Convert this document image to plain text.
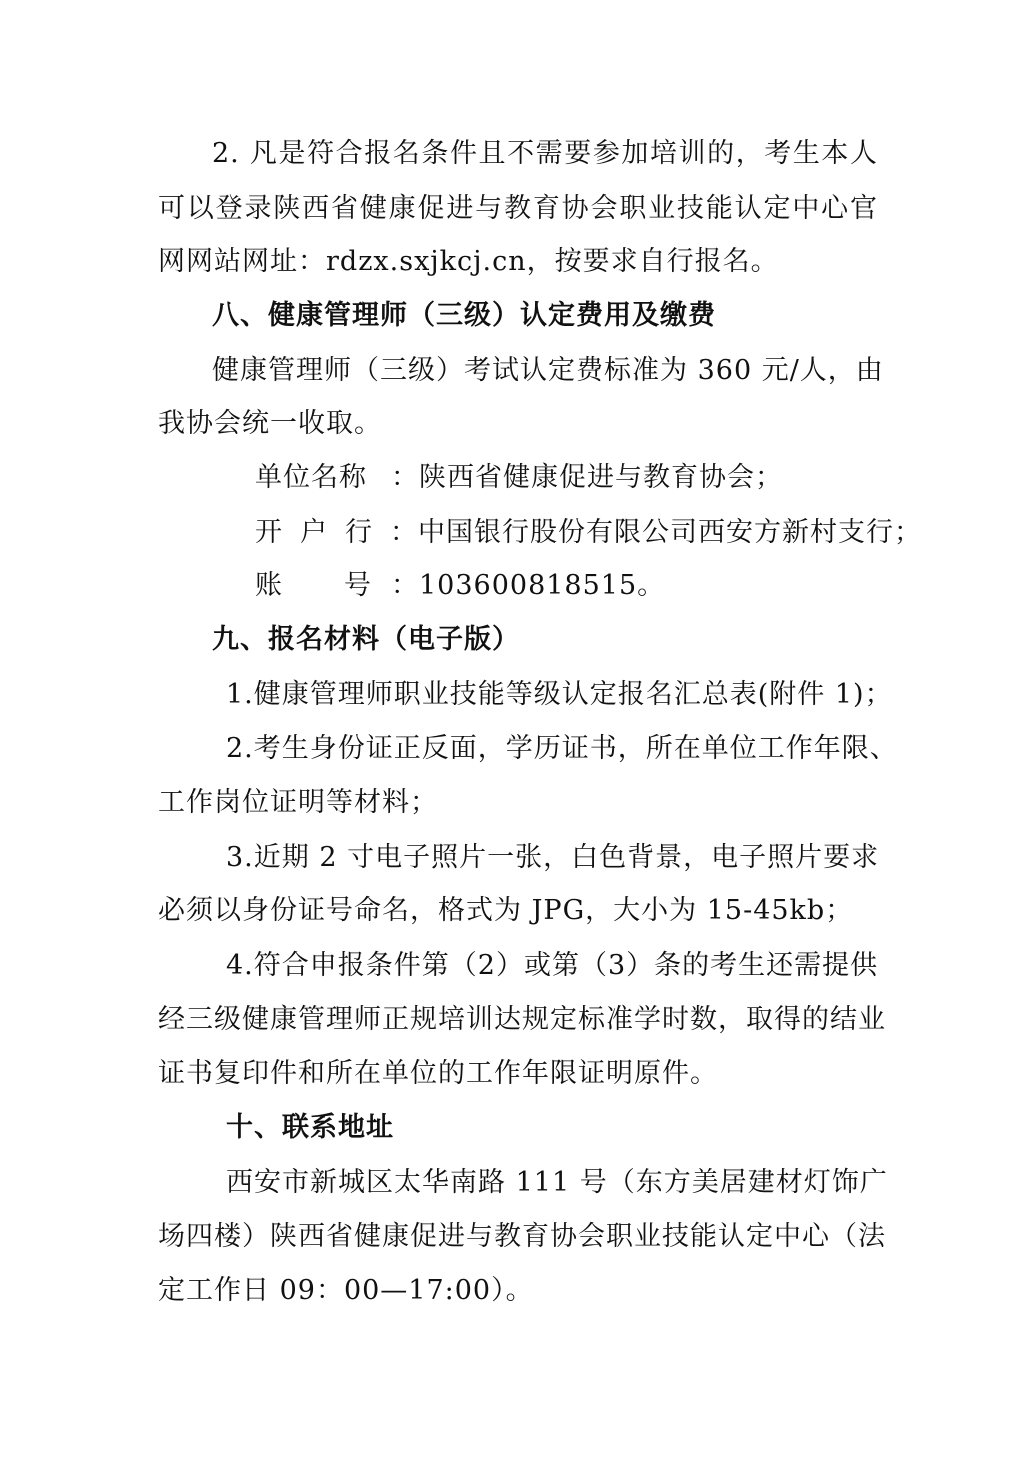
2. 凡是符合报名条件且不需要参加培训的，考生本人
可以登录陕西省健康促进与教育协会职业技能认定中心官
网网站网址：rdzx.sxjkcj.cn，按要求自行报名。
八、健康管理师（三级）认定费用及缴费
健康管理师（三级）考试认定费标准为 360 元/人，由
我协会统一收取。
单位名称 ：陕西省健康促进与教育协会；
开户行 ：中国银行股份有限公司西安方新村支行；
账号
：103600818515。
九、报名材料（电子版）
1.健康管理师职业技能等级认定报名汇总表(附件 1)；
2.考生身份证正反面，学历证书，所在单位工作年限、
工作岗位证明等材料；
3.近期 2 寸电子照片一张，白色背景，电子照片要求
必须以身份证号命名，格式为 JPG，大小为 15-45kb；
4.符合申报条件第（2）或第（3）条的考生还需提供
经三级健康管理师正规培训达规定标准学时数，取得的结业
证书复印件和所在单位的工作年限证明原件。
十、联系地址
西安市新城区太华南路 111 号（东方美居建材灯饰广
场四楼）陕西省健康促进与教育协会职业技能认定中心（法
定工作日 09：00—17:00）。
